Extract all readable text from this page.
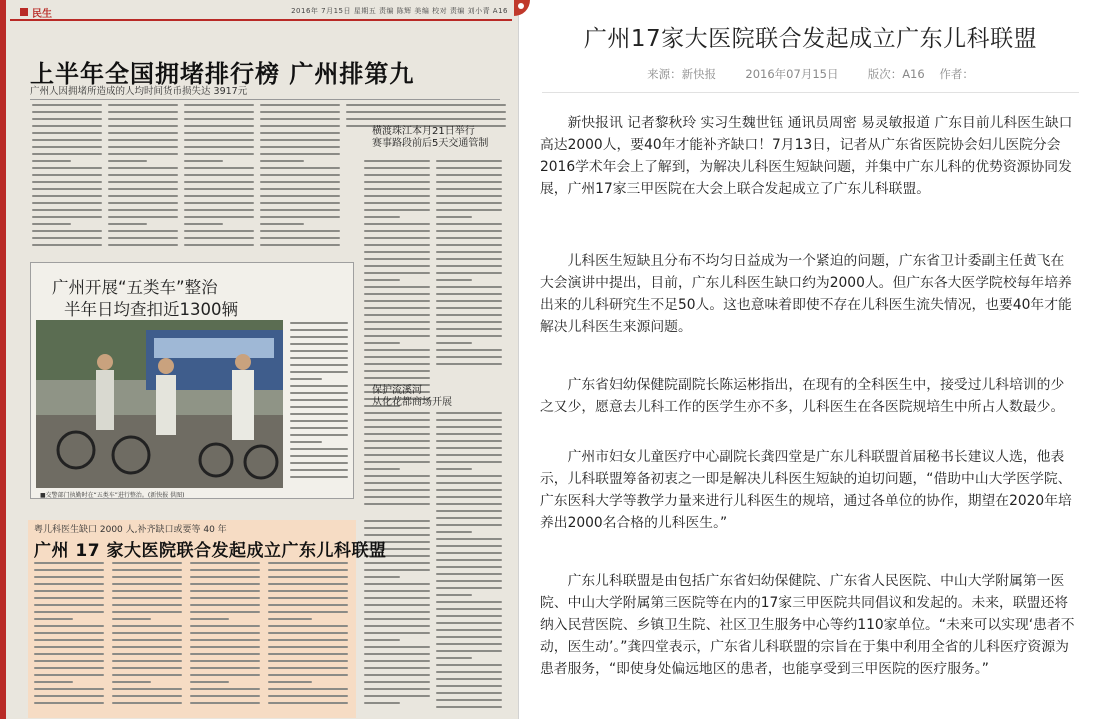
民生	2016年 7月15日 星期五 责编 陈辉 美编 校对 责编 刘小青 A16
上半年全国拥堵排行榜 广州排第九
广州人因拥堵所造成的人均时间货币损失达 3917元
横渡珠江本月21日举行
赛事路段前后5天交通管制
广州开展“五类车”整治
半年日均查扣近1300辆
■交警部门执勤时在“五类车”进行整治。(新快报 供图)
保护流溪河
从化花都商场开展
粤儿科医生缺口 2000 人,补齐缺口或要等 40 年
广州 17 家大医院联合发起成立广东儿科联盟
广州17家大医院联合发起成立广东儿科联盟
来源：新快报        2016年07月15日        版次：A16    作者：

新快报讯 记者黎秋玲 实习生魏世钰 通讯员周密 易灵敏报道 广东目前儿科医生缺口高达2000人，要40年才能补齐缺口！7月13日，记者从广东省医院协会妇儿医院分会2016学术年会上了解到，为解决儿科医生短缺问题，并集中广东儿科的优势资源协同发展，广州17家三甲医院在大会上联合发起成立了广东儿科联盟。

儿科医生短缺且分布不均匀日益成为一个紧迫的问题，广东省卫计委副主任黄飞在大会演讲中提出，目前，广东儿科医生缺口约为2000人。但广东各大医学院校每年培养出来的儿科研究生不足50人。这也意味着即使不存在儿科医生流失情况，也要40年才能解决儿科医生来源问题。

广东省妇幼保健院副院长陈运彬指出，在现有的全科医生中，接受过儿科培训的少之又少，愿意去儿科工作的医学生亦不多，儿科医生在各医院规培生中所占人数最少。

广州市妇女儿童医疗中心副院长龚四堂是广东儿科联盟首届秘书长建议人选，他表示，儿科联盟筹备初衷之一即是解决儿科医生短缺的迫切问题，“借助中山大学医学院、广东医科大学等教学力量来进行儿科医生的规培，通过各单位的协作，期望在2020年培养出2000名合格的儿科医生。”

广东儿科联盟是由包括广东省妇幼保健院、广东省人民医院、中山大学附属第一医院、中山大学附属第三医院等在内的17家三甲医院共同倡议和发起的。未来，联盟还将纳入民营医院、乡镇卫生院、社区卫生服务中心等约110家单位。“未来可以实现‘患者不动，医生动’。”龚四堂表示，广东省儿科联盟的宗旨在于集中利用全省的儿科医疗资源为患者服务，“即使身处偏远地区的患者，也能享受到三甲医院的医疗服务。”
